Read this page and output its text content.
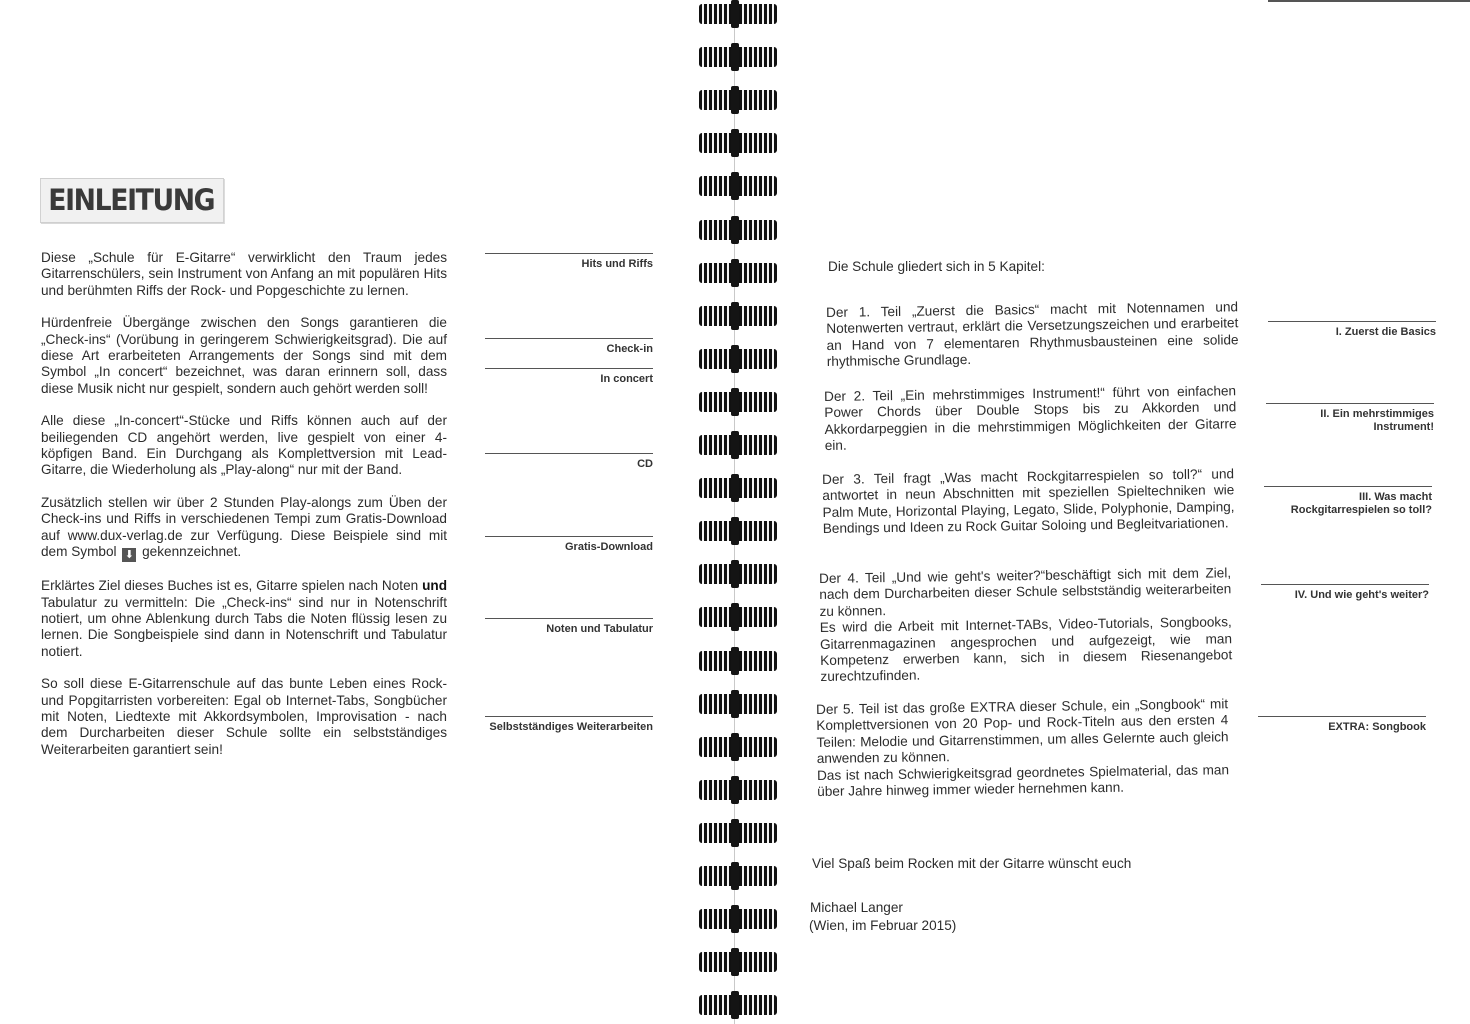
EINLEITUNG

Diese „Schule für E-Gitarre“ verwirklicht den Traum jedes Gitarrenschülers, sein Instrument von Anfang an mit populären Hits und berühmten Riffs der Rock- und Popgeschichte zu lernen.

Hürdenfreie Übergänge zwischen den Songs garantieren die „Check-ins“ (Vorübung in geringerem Schwierigkeitsgrad). Die auf diese Art erarbeiteten Arrangements der Songs sind mit dem Symbol „In concert“ bezeichnet, was daran erinnern soll, dass diese Musik nicht nur gespielt, sondern auch gehört werden soll!

Alle diese „In-concert“-Stücke und Riffs können auch auf der beiliegenden CD angehört werden, live gespielt von einer 4-köpfigen Band. Ein Durchgang als Komplettversion mit Lead-Gitarre, die Wiederholung als „Play-along“ nur mit der Band.

Zusätzlich stellen wir über 2 Stunden Play-alongs zum Üben der Check-ins und Riffs in verschiedenen Tempi zum Gratis-Download auf www.dux-verlag.de zur Verfügung. Diese Beispiele sind mit dem Symbol ⬇ gekennzeichnet.

Erklärtes Ziel dieses Buches ist es, Gitarre spielen nach Noten und Tabulatur zu vermitteln: Die „Check-ins“ sind nur in Notenschrift notiert, um ohne Ablenkung durch Tabs die Noten flüssig lesen zu lernen. Die Songbeispiele sind dann in Notenschrift und Tabulatur notiert.

So soll diese E-Gitarrenschule auf das bunte Leben eines Rock- und Popgitarristen vorbereiten: Egal ob Internet-Tabs, Songbücher mit Noten, Liedtexte mit Akkordsymbolen, Improvisation - nach dem Durcharbeiten dieser Schule sollte ein selbstständiges Weiterarbeiten garantiert sein!

Hits und Riffs
Check-in
In concert
CD
Gratis-Download
Noten und Tabulatur
Selbstständiges Weiterarbeiten
Die Schule gliedert sich in 5 Kapitel:

Der 1. Teil „Zuerst die Basics“ macht mit Notennamen und Notenwerten vertraut, erklärt die Versetzungszeichen und erarbeitet an Hand von 7 elementaren Rhythmusbausteinen eine solide rhythmische Grundlage.

Der 2. Teil „Ein mehrstimmiges Instrument!“ führt von einfachen Power Chords über Double Stops bis zu Akkorden und Akkordarpeggien in die mehrstimmigen Möglichkeiten der Gitarre ein.

Der 3. Teil fragt „Was macht Rockgitarrespielen so toll?“ und antwortet in neun Abschnitten mit speziellen Spieltechniken wie Palm Mute, Horizontal Playing, Legato, Slide, Polyphonie, Damping, Bendings und Ideen zu Rock Guitar Soloing und Begleitvariationen.

Der 4. Teil „Und wie geht's weiter?“beschäftigt sich mit dem Ziel, nach dem Durcharbeiten dieser Schule selbstständig weiterarbeiten zu können.

Es wird die Arbeit mit Internet-TABs, Video-Tutorials, Songbooks, Gitarrenmagazinen angesprochen und aufgezeigt, wie man Kompetenz erwerben kann, sich in diesem Riesenangebot zurechtzufinden.

Der 5. Teil ist das große EXTRA dieser Schule, ein „Songbook“ mit Komplettversionen von 20 Pop- und Rock-Titeln aus den ersten 4 Teilen: Melodie und Gitarrenstimmen, um alles Gelernte auch gleich anwenden zu können.

Das ist nach Schwierigkeitsgrad geordnetes Spielmaterial, das man über Jahre hinweg immer wieder hernehmen kann.

I. Zuerst die Basics
II. Ein mehrstimmiges Instrument!
III. Was macht Rockgitarrespielen so toll?
IV. Und wie geht's weiter?
EXTRA: Songbook
Viel Spaß beim Rocken mit der Gitarre wünscht euch
Michael Langer
(Wien, im Februar 2015)
